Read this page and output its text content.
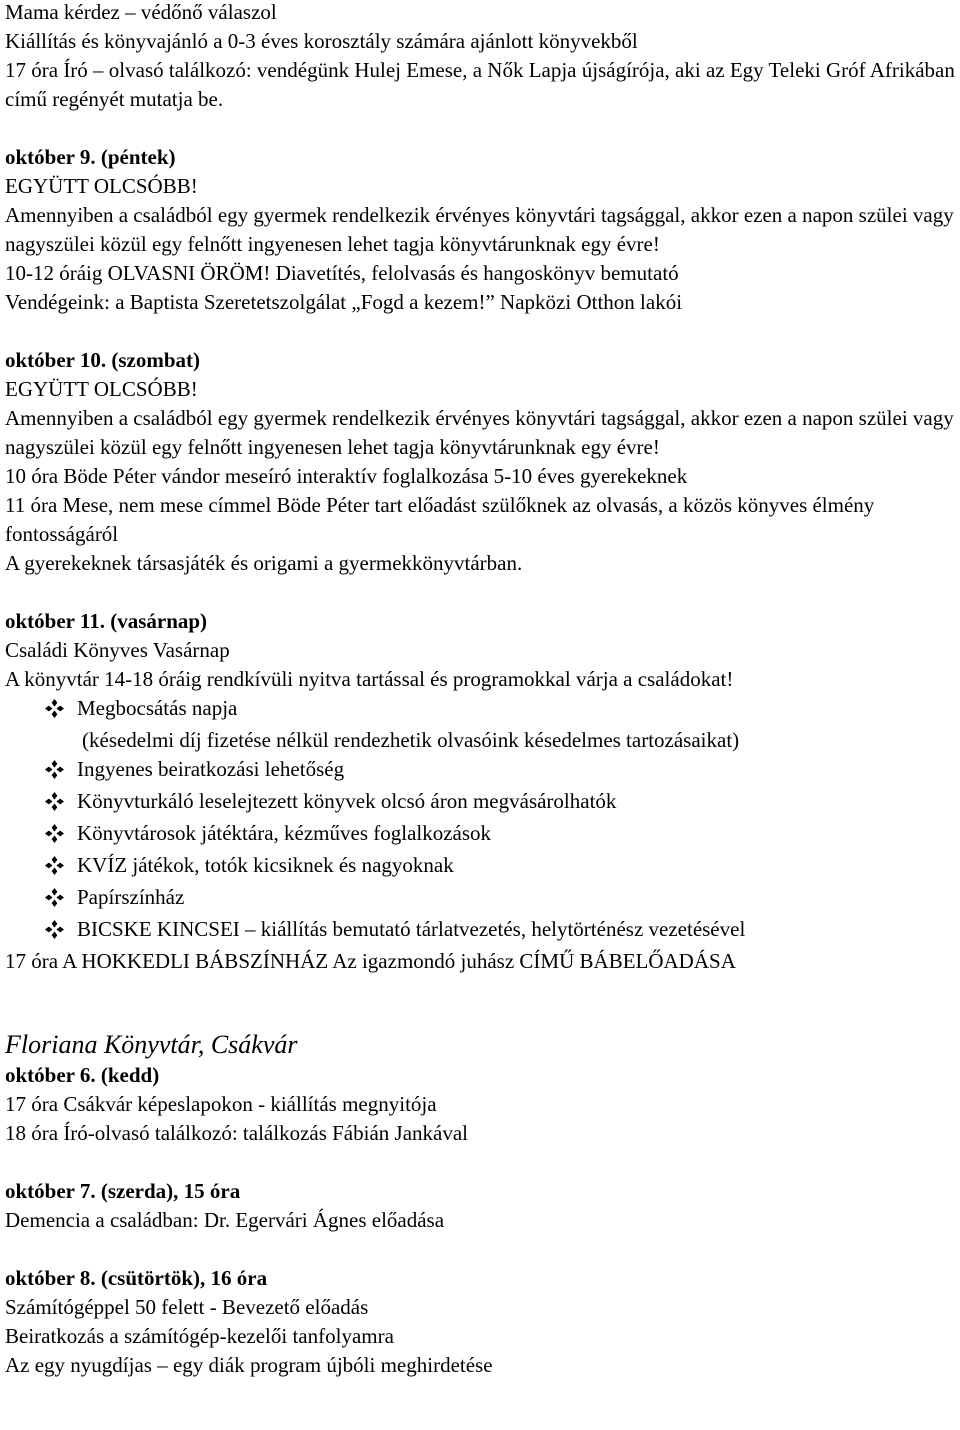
Mama kérdez – védőnő válaszol
Kiállítás és könyvajánló a 0-3 éves korosztály számára ajánlott könyvekből
17 óra Író – olvasó találkozó: vendégünk Hulej Emese, a Nők Lapja újságírója, aki az Egy Teleki Gróf Afrikában című regényét mutatja be.
október 9. (péntek)
EGYÜTT OLCSÓBB!
Amennyiben a családból egy gyermek rendelkezik érvényes könyvtári tagsággal, akkor ezen a napon szülei vagy nagyszülei közül egy felnőtt ingyenesen lehet tagja könyvtárunknak egy évre!
10-12 óráig OLVASNI ÖRÖM! Diavetítés, felolvasás és hangoskönyv bemutató
Vendégeink: a Baptista Szeretetszolgálat „Fogd a kezem!” Napközi Otthon lakói
október 10. (szombat)
EGYÜTT OLCSÓBB!
Amennyiben a családból egy gyermek rendelkezik érvényes könyvtári tagsággal, akkor ezen a napon szülei vagy nagyszülei közül egy felnőtt ingyenesen lehet tagja könyvtárunknak egy évre!
10 óra Böde Péter vándor meseíró interaktív foglalkozása 5-10 éves gyerekeknek
11 óra Mese, nem mese címmel Böde Péter tart előadást szülőknek az olvasás, a közös könyves élmény fontosságáról
A gyerekeknek társasjáték és origami a gyermekkönyvtárban.
október 11. (vasárnap)
Családi Könyves Vasárnap
A könyvtár 14-18 óráig rendkívüli nyitva tartással és programokkal várja a családokat!
Megbocsátás napja
(késedelmi díj fizetése nélkül rendezhetik olvasóink késedelmes tartozásaikat)
Ingyenes beiratkozási lehetőség
Könyvturkáló leselejtezett könyvek olcsó áron megvásárolhatók
Könyvtárosok játéktára, kézműves foglalkozások
KVÍZ játékok, totók kicsiknek és nagyoknak
Papírszínház
BICSKE KINCSEI – kiállítás bemutató tárlatvezetés, helytörténész vezetésével
17 óra A HOKKEDLI BÁBSZÍNHÁZ Az igazmondó juhász CÍMŰ BÁBELŐADÁSA
Floriana Könyvtár, Csákvár
október 6. (kedd)
17 óra Csákvár képeslapokon - kiállítás megnyitója
18 óra Író-olvasó találkozó: találkozás Fábián Jankával
október 7. (szerda), 15 óra
Demencia a családban: Dr. Egervári Ágnes előadása
október 8. (csütörtök), 16 óra
Számítógéppel 50 felett - Bevezető előadás
Beiratkozás a számítógép-kezelői tanfolyamra
Az egy nyugdíjas – egy diák program újbóli meghirdetése
